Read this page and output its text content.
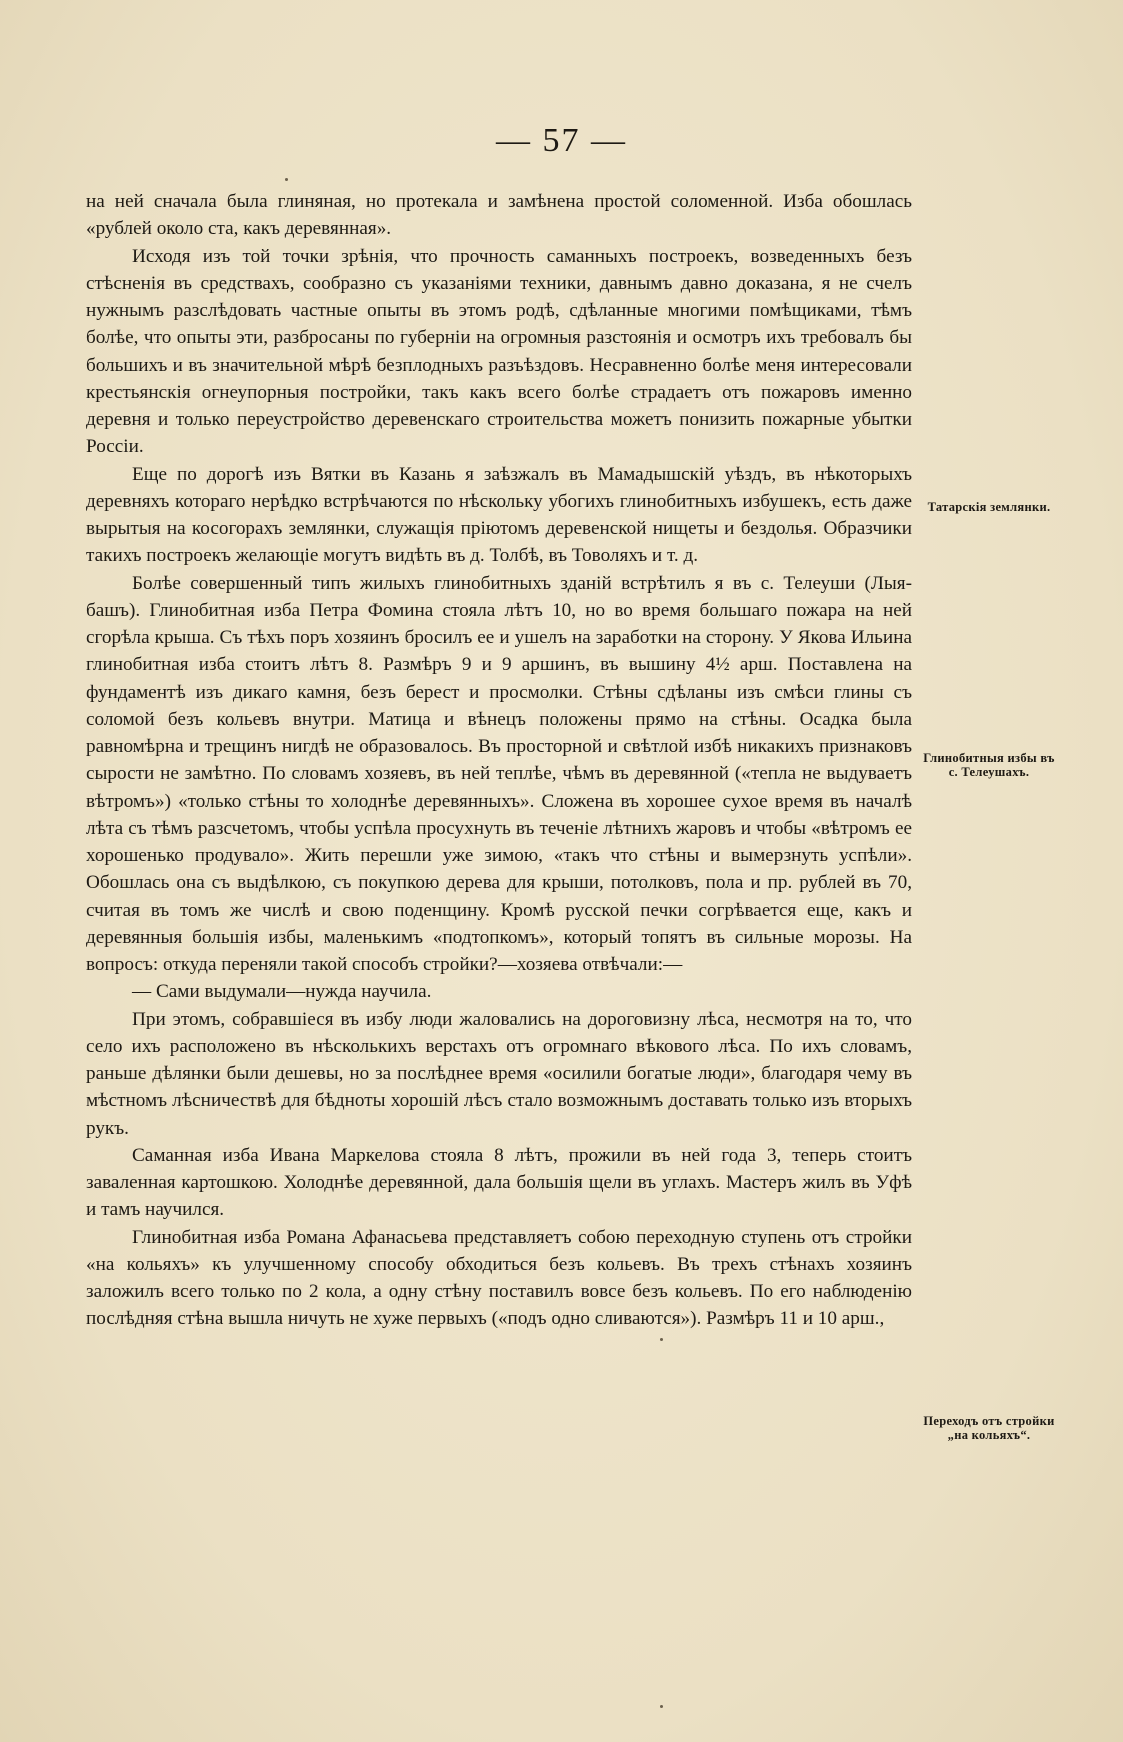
— 57 —

на ней сначала была глиняная, но протекала и замѣнена простой соломенной. Изба обошлась «рублей около ста, какъ деревянная».

Исходя изъ той точки зрѣнія, что прочность саманныхъ построекъ, возведенныхъ безъ стѣсненія въ средствахъ, сообразно съ указаніями техники, давнымъ давно доказана, я не счелъ нужнымъ разслѣдовать частные опыты въ этомъ родѣ, сдѣланные многими помѣщиками, тѣмъ болѣе, что опыты эти, разбросаны по губерніи на огромныя разстоянія и осмотръ ихъ требовалъ бы большихъ и въ значительной мѣрѣ безплодныхъ разъѣздовъ. Несравненно болѣе меня интересовали крестьянскія огнеупорныя постройки, такъ какъ всего болѣе страдаетъ отъ пожаровъ именно деревня и только переустройство деревенскаго строительства можетъ понизить пожарные убытки Россіи.

Еще по дорогѣ изъ Вятки въ Казань я заѣзжалъ въ Мамадышскій уѣздъ, въ нѣкоторыхъ деревняхъ котораго нерѣдко встрѣчаются по нѣскольку убогихъ глинобитныхъ избушекъ, есть даже вырытыя на косогорахъ землянки, служащія пріютомъ деревенской нищеты и бездолья. Образчики такихъ построекъ желающіе могутъ видѣть въ д. Толбѣ, въ Товоляхъ и т. д.

Болѣе совершенный типъ жилыхъ глинобитныхъ зданій встрѣтилъ я въ с. Телеуши (Лыя-башъ). Глинобитная изба Петра Фомина стояла лѣтъ 10, но во время большаго пожара на ней сгорѣла крыша. Съ тѣхъ поръ хозяинъ бросилъ ее и ушелъ на заработки на сторону. У Якова Ильина глинобитная изба стоитъ лѣтъ 8. Размѣръ 9 и 9 аршинъ, въ вышину 4½ арш. Поставлена на фундаментѣ изъ дикаго камня, безъ берест и просмолки. Стѣны сдѣланы изъ смѣси глины съ соломой безъ кольевъ внутри. Матица и вѣнецъ положены прямо на стѣны. Осадка была равномѣрна и трещинъ нигдѣ не образовалось. Въ просторной и свѣтлой избѣ никакихъ признаковъ сырости не замѣтно. По словамъ хозяевъ, въ ней теплѣе, чѣмъ въ деревянной («тепла не выдуваетъ вѣтромъ») «только стѣны то холоднѣе деревянныхъ». Сложена въ хорошее сухое время въ началѣ лѣта съ тѣмъ разсчетомъ, чтобы успѣла просухнуть въ теченіе лѣтнихъ жаровъ и чтобы «вѣтромъ ее хорошенько продувало». Жить перешли уже зимою, «такъ что стѣны и вымерзнуть успѣли». Обошлась она съ выдѣлкою, съ покупкою дерева для крыши, потолковъ, пола и пр. рублей въ 70, считая въ томъ же числѣ и свою поденщину. Кромѣ русской печки согрѣвается еще, какъ и деревянныя большія избы, маленькимъ «подтопкомъ», который топятъ въ сильные морозы. На вопросъ: откуда переняли такой способъ стройки?—хозяева отвѣчали:—

— Сами выдумали—нужда научила.

При этомъ, собравшіеся въ избу люди жаловались на дороговизну лѣса, несмотря на то, что село ихъ расположено въ нѣсколькихъ верстахъ отъ огромнаго вѣкового лѣса. По ихъ словамъ, раньше дѣлянки были дешевы, но за послѣднее время «осилили богатые люди», благодаря чему въ мѣстномъ лѣсничествѣ для бѣдноты хорошій лѣсъ стало возможнымъ доставать только изъ вторыхъ рукъ.

Саманная изба Ивана Маркелова стояла 8 лѣтъ, прожили въ ней года 3, теперь стоитъ заваленная картошкою. Холоднѣе деревянной, дала большія щели въ углахъ. Мастеръ жилъ въ Уфѣ и тамъ научился.

Глинобитная изба Романа Афанасьева представляетъ собою переходную ступень отъ стройки «на кольяхъ» къ улучшенному способу обходиться безъ кольевъ. Въ трехъ стѣнахъ хозяинъ заложилъ всего только по 2 кола, а одну стѣну поставилъ вовсе безъ кольевъ. По его наблюденію послѣдняя стѣна вышла ничуть не хуже первыхъ («подъ одно сливаются»). Размѣръ 11 и 10 арш.,

Татарскія землянки.
Глинобитныя избы въ с. Телеушахъ.
Переходъ отъ стройки „на кольяхъ“.
